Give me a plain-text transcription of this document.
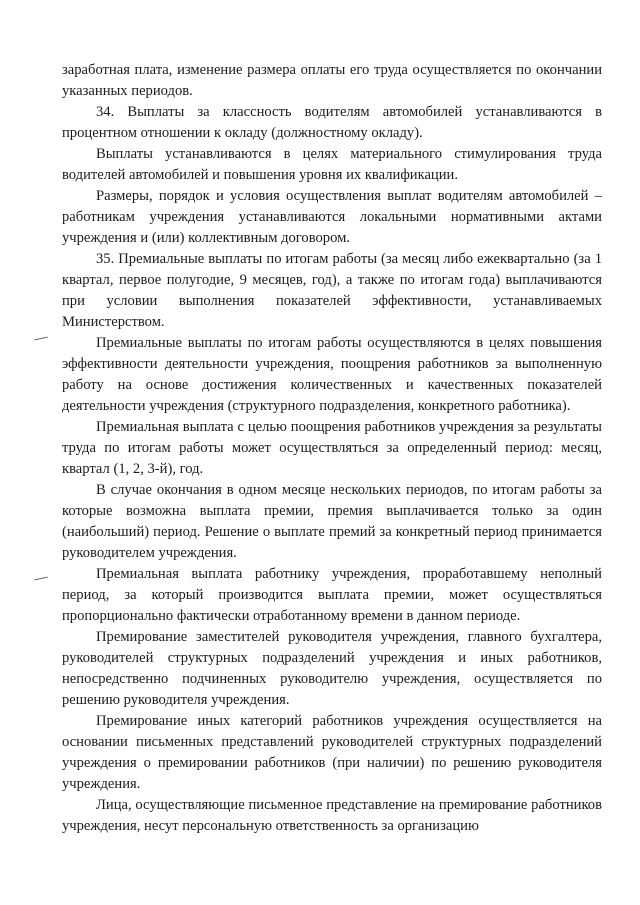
заработная плата, изменение размера оплаты его труда осуществляется по окончании указанных периодов.

34. Выплаты за классность водителям автомобилей устанавливаются в процентном отношении к окладу (должностному окладу).

Выплаты устанавливаются в целях материального стимулирования труда водителей автомобилей и повышения уровня их квалификации.

Размеры, порядок и условия осуществления выплат водителям автомобилей – работникам учреждения устанавливаются локальными нормативными актами учреждения и (или) коллективным договором.

35. Премиальные выплаты по итогам работы (за месяц либо ежеквартально (за 1 квартал, первое полугодие, 9 месяцев, год), а также по итогам года) выплачиваются при условии выполнения показателей эффективности, устанавливаемых Министерством.

Премиальные выплаты по итогам работы осуществляются в целях повышения эффективности деятельности учреждения, поощрения работников за выполненную работу на основе достижения количественных и качественных показателей деятельности учреждения (структурного подразделения, конкретного работника).

Премиальная выплата с целью поощрения работников учреждения за результаты труда по итогам работы может осуществляться за определенный период: месяц, квартал (1, 2, 3-й), год.

В случае окончания в одном месяце нескольких периодов, по итогам работы за которые возможна выплата премии, премия выплачивается только за один (наибольший) период. Решение о выплате премий за конкретный период принимается руководителем учреждения.

Премиальная выплата работнику учреждения, проработавшему неполный период, за который производится выплата премии, может осуществляться пропорционально фактически отработанному времени в данном периоде.

Премирование заместителей руководителя учреждения, главного бухгалтера, руководителей структурных подразделений учреждения и иных работников, непосредственно подчиненных руководителю учреждения, осуществляется по решению руководителя учреждения.

Премирование иных категорий работников учреждения осуществляется на основании письменных представлений руководителей структурных подразделений учреждения о премировании работников (при наличии) по решению руководителя учреждения.

Лица, осуществляющие письменное представление на премирование работников учреждения, несут персональную ответственность за организацию
